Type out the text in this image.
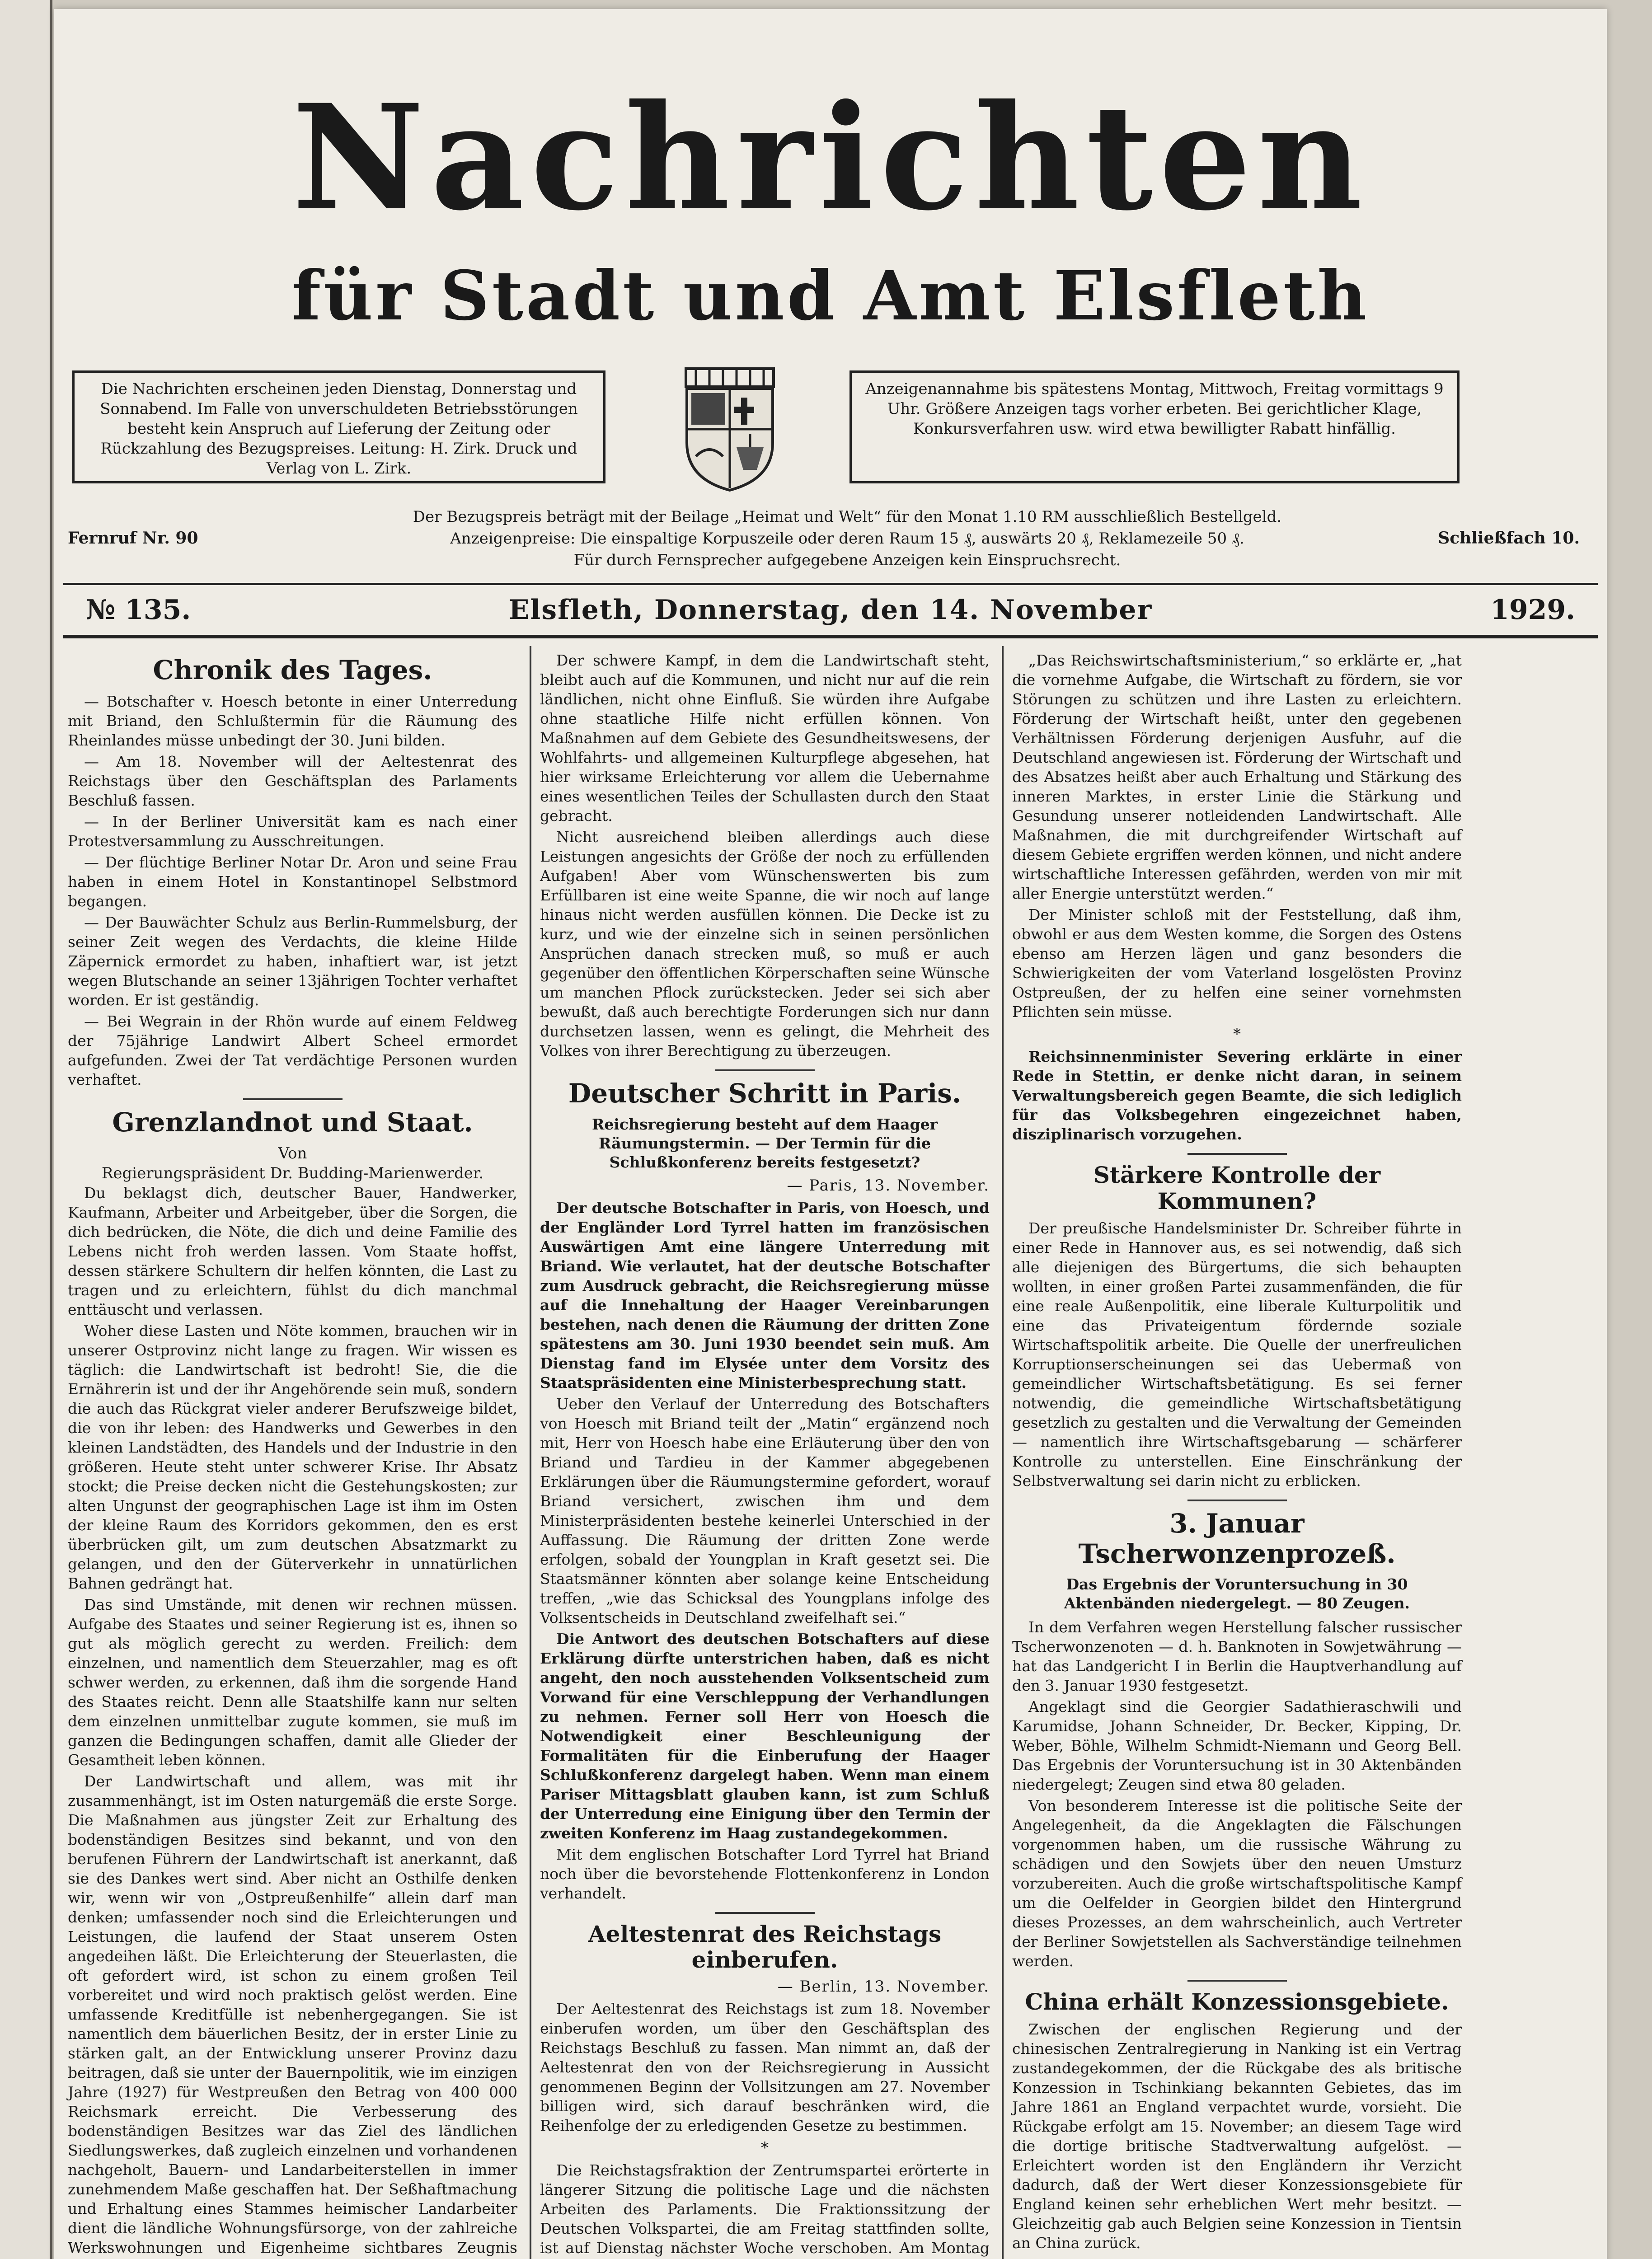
Nachrichten
für Stadt und Amt Elsfleth
Die Nachrichten erscheinen jeden Dienstag, Donnerstag und Sonnabend. Im Falle von unverschuldeten Betriebsstörungen besteht kein Anspruch auf Lieferung der Zeitung oder Rückzahlung des Bezugspreises. Leitung: H. Zirk. Druck und Verlag von L. Zirk.
Anzeigenannahme bis spätestens Montag, Mittwoch, Freitag vormittags 9 Uhr. Größere Anzeigen tags vorher erbeten. Bei gerichtlicher Klage, Konkursverfahren usw. wird etwa bewilligter Rabatt hinfällig.
Fernruf Nr. 90
Der Bezugspreis beträgt mit der Beilage „Heimat und Welt“ für den Monat 1.10 RM ausschließlich Bestellgeld.
Anzeigenpreise: Die einspaltige Korpuszeile oder deren Raum 15 ₰, auswärts 20 ₰, Reklamezeile 50 ₰.
Für durch Fernsprecher aufgegebene Anzeigen kein Einspruchsrecht.
Schließfach 10.
№ 135.	Elsfleth, Donnerstag, den 14. November	1929.
Chronik des Tages.

— Botschafter v. Hoesch betonte in einer Unterredung mit Briand, den Schlußtermin für die Räumung des Rheinlandes müsse unbedingt der 30. Juni bilden.

— Am 18. November will der Aeltestenrat des Reichstags über den Geschäftsplan des Parlaments Beschluß fassen.

— In der Berliner Universität kam es nach einer Protestversammlung zu Ausschreitungen.

— Der flüchtige Berliner Notar Dr. Aron und seine Frau haben in einem Hotel in Konstantinopel Selbstmord begangen.

— Der Bauwächter Schulz aus Berlin-Rummelsburg, der seiner Zeit wegen des Verdachts, die kleine Hilde Zäpernick ermordet zu haben, inhaftiert war, ist jetzt wegen Blutschande an seiner 13jährigen Tochter verhaftet worden. Er ist geständig.

— Bei Wegrain in der Rhön wurde auf einem Feldweg der 75jährige Landwirt Albert Scheel ermordet aufgefunden. Zwei der Tat verdächtige Personen wurden verhaftet.

Grenzlandnot und Staat.

Von

Regierungspräsident Dr. Budding-Marienwerder.

Du beklagst dich, deutscher Bauer, Handwerker, Kaufmann, Arbeiter und Arbeitgeber, über die Sorgen, die dich bedrücken, die Nöte, die dich und deine Familie des Lebens nicht froh werden lassen. Vom Staate hoffst, dessen stärkere Schultern dir helfen könnten, die Last zu tragen und zu erleichtern, fühlst du dich manchmal enttäuscht und verlassen.

Woher diese Lasten und Nöte kommen, brauchen wir in unserer Ostprovinz nicht lange zu fragen. Wir wissen es täglich: die Landwirtschaft ist bedroht! Sie, die die Ernährerin ist und der ihr Angehörende sein muß, sondern die auch das Rückgrat vieler anderer Berufszweige bildet, die von ihr leben: des Handwerks und Gewerbes in den kleinen Landstädten, des Handels und der Industrie in den größeren. Heute steht unter schwerer Krise. Ihr Absatz stockt; die Preise decken nicht die Gestehungskosten; zur alten Ungunst der geographischen Lage ist ihm im Osten der kleine Raum des Korridors gekommen, den es erst überbrücken gilt, um zum deutschen Absatzmarkt zu gelangen, und den der Güterverkehr in unnatürlichen Bahnen gedrängt hat.

Das sind Umstände, mit denen wir rechnen müssen. Aufgabe des Staates und seiner Regierung ist es, ihnen so gut als möglich gerecht zu werden. Freilich: dem einzelnen, und namentlich dem Steuerzahler, mag es oft schwer werden, zu erkennen, daß ihm die sorgende Hand des Staates reicht. Denn alle Staatshilfe kann nur selten dem einzelnen unmittelbar zugute kommen, sie muß im ganzen die Bedingungen schaffen, damit alle Glieder der Gesamtheit leben können.

Der Landwirtschaft und allem, was mit ihr zusammenhängt, ist im Osten naturgemäß die erste Sorge. Die Maßnahmen aus jüngster Zeit zur Erhaltung des bodenständigen Besitzes sind bekannt, und von den berufenen Führern der Landwirtschaft ist anerkannt, daß sie des Dankes wert sind. Aber nicht an Osthilfe denken wir, wenn wir von „Ostpreußenhilfe“ allein darf man denken; umfassender noch sind die Erleichterungen und Leistungen, die laufend der Staat unserem Osten angedeihen läßt. Die Erleichterung der Steuerlasten, die oft gefordert wird, ist schon zu einem großen Teil vorbereitet und wird noch praktisch gelöst werden. Eine umfassende Kreditfülle ist nebenhergegangen. Sie ist namentlich dem bäuerlichen Besitz, der in erster Linie zu stärken galt, an der Entwicklung unserer Provinz dazu beitragen, daß sie unter der Bauernpolitik, wie im einzigen Jahre (1927) für Westpreußen den Betrag von 400 000 Reichsmark erreicht. Die Verbesserung des bodenständigen Besitzes war das Ziel des ländlichen Siedlungswerkes, daß zugleich einzelnen und vorhandenen nachgeholt, Bauern- und Landarbeiterstellen in immer zunehmendem Maße geschaffen hat. Der Seßhaftmachung und Erhaltung eines Stammes heimischer Landarbeiter dient die ländliche Wohnungsfürsorge, von der zahlreiche Werkswohnungen und Eigenheime sichtbares Zeugnis

Der schwere Kampf, in dem die Landwirtschaft steht, bleibt auch auf die Kommunen, und nicht nur auf die rein ländlichen, nicht ohne Einfluß. Sie würden ihre Aufgabe ohne staatliche Hilfe nicht erfüllen können. Von Maßnahmen auf dem Gebiete des Gesundheitswesens, der Wohlfahrts- und allgemeinen Kulturpflege abgesehen, hat hier wirksame Erleichterung vor allem die Uebernahme eines wesentlichen Teiles der Schullasten durch den Staat gebracht.

Nicht ausreichend bleiben allerdings auch diese Leistungen angesichts der Größe der noch zu erfüllenden Aufgaben! Aber vom Wünschenswerten bis zum Erfüllbaren ist eine weite Spanne, die wir noch auf lange hinaus nicht werden ausfüllen können. Die Decke ist zu kurz, und wie der einzelne sich in seinen persönlichen Ansprüchen danach strecken muß, so muß er auch gegenüber den öffentlichen Körperschaften seine Wünsche um manchen Pflock zurückstecken. Jeder sei sich aber bewußt, daß auch berechtigte Forderungen sich nur dann durchsetzen lassen, wenn es gelingt, die Mehrheit des Volkes von ihrer Berechtigung zu überzeugen.

Deutscher Schritt in Paris.

Reichsregierung besteht auf dem Haager Räumungstermin. — Der Termin für die Schlußkonferenz bereits festgesetzt?

— Paris, 13. November.

Der deutsche Botschafter in Paris, von Hoesch, und der Engländer Lord Tyrrel hatten im französischen Auswärtigen Amt eine längere Unterredung mit Briand. Wie verlautet, hat der deutsche Botschafter zum Ausdruck gebracht, die Reichsregierung müsse auf die Innehaltung der Haager Vereinbarungen bestehen, nach denen die Räumung der dritten Zone spätestens am 30. Juni 1930 beendet sein muß. Am Dienstag fand im Elysée unter dem Vorsitz des Staatspräsidenten eine Ministerbesprechung statt.

Ueber den Verlauf der Unterredung des Botschafters von Hoesch mit Briand teilt der „Matin“ ergänzend noch mit, Herr von Hoesch habe eine Erläuterung über den von Briand und Tardieu in der Kammer abgegebenen Erklärungen über die Räumungstermine gefordert, worauf Briand versichert, zwischen ihm und dem Ministerpräsidenten bestehe keinerlei Unterschied in der Auffassung. Die Räumung der dritten Zone werde erfolgen, sobald der Youngplan in Kraft gesetzt sei. Die Staatsmänner könnten aber solange keine Entscheidung treffen, „wie das Schicksal des Youngplans infolge des Volksentscheids in Deutschland zweifelhaft sei.“

Die Antwort des deutschen Botschafters auf diese Erklärung dürfte unterstrichen haben, daß es nicht angeht, den noch ausstehenden Volksentscheid zum Vorwand für eine Verschleppung der Verhandlungen zu nehmen. Ferner soll Herr von Hoesch die Notwendigkeit einer Beschleunigung der Formalitäten für die Einberufung der Haager Schlußkonferenz dargelegt haben. Wenn man einem Pariser Mittagsblatt glauben kann, ist zum Schluß der Unterredung eine Einigung über den Termin der zweiten Konferenz im Haag zustandegekommen.

Mit dem englischen Botschafter Lord Tyrrel hat Briand noch über die bevorstehende Flottenkonferenz in London verhandelt.

Aeltestenrat des Reichstags einberufen.

— Berlin, 13. November.

Der Aeltestenrat des Reichstags ist zum 18. November einberufen worden, um über den Geschäftsplan des Reichstags Beschluß zu fassen. Man nimmt an, daß der Aeltestenrat den von der Reichsregierung in Aussicht genommenen Beginn der Vollsitzungen am 27. November billigen wird, sich darauf beschränken wird, die Reihenfolge der zu erledigenden Gesetze zu bestimmen.

*

Die Reichstagsfraktion der Zentrumspartei erörterte in längerer Sitzung die politische Lage und die nächsten Arbeiten des Parlaments. Die Fraktionssitzung der Deutschen Volkspartei, die am Freitag stattfinden sollte, ist auf Dienstag nächster Woche verschoben. Am Montag

„Das Reichswirtschaftsministerium,“ so erklärte er, „hat die vornehme Aufgabe, die Wirtschaft zu fördern, sie vor Störungen zu schützen und ihre Lasten zu erleichtern. Förderung der Wirtschaft heißt, unter den gegebenen Verhältnissen Förderung derjenigen Ausfuhr, auf die Deutschland angewiesen ist. Förderung der Wirtschaft und des Absatzes heißt aber auch Erhaltung und Stärkung des inneren Marktes, in erster Linie die Stärkung und Gesundung unserer notleidenden Landwirtschaft. Alle Maßnahmen, die mit durchgreifender Wirtschaft auf diesem Gebiete ergriffen werden können, und nicht andere wirtschaftliche Interessen gefährden, werden von mir mit aller Energie unterstützt werden.“

Der Minister schloß mit der Feststellung, daß ihm, obwohl er aus dem Westen komme, die Sorgen des Ostens ebenso am Herzen lägen und ganz besonders die Schwierigkeiten der vom Vaterland losgelösten Provinz Ostpreußen, der zu helfen eine seiner vornehmsten Pflichten sein müsse.

*

Reichsinnenminister Severing erklärte in einer Rede in Stettin, er denke nicht daran, in seinem Verwaltungsbereich gegen Beamte, die sich lediglich für das Volksbegehren eingezeichnet haben, disziplinarisch vorzugehen.

Stärkere Kontrolle der Kommunen?

Der preußische Handelsminister Dr. Schreiber führte in einer Rede in Hannover aus, es sei notwendig, daß sich alle diejenigen des Bürgertums, die sich behaupten wollten, in einer großen Partei zusammenfänden, die für eine reale Außenpolitik, eine liberale Kulturpolitik und eine das Privateigentum fördernde soziale Wirtschaftspolitik arbeite. Die Quelle der unerfreulichen Korruptionserscheinungen sei das Uebermaß von gemeindlicher Wirtschaftsbetätigung. Es sei ferner notwendig, die gemeindliche Wirtschaftsbetätigung gesetzlich zu gestalten und die Verwaltung der Gemeinden — namentlich ihre Wirtschaftsgebarung — schärferer Kontrolle zu unterstellen. Eine Einschränkung der Selbstverwaltung sei darin nicht zu erblicken.

3. Januar Tscherwonzenprozeß.

Das Ergebnis der Voruntersuchung in 30 Aktenbänden niedergelegt. — 80 Zeugen.

In dem Verfahren wegen Herstellung falscher russischer Tscherwonzenoten — d. h. Banknoten in Sowjetwährung — hat das Landgericht I in Berlin die Hauptverhandlung auf den 3. Januar 1930 festgesetzt.

Angeklagt sind die Georgier Sadathieraschwili und Karumidse, Johann Schneider, Dr. Becker, Kipping, Dr. Weber, Böhle, Wilhelm Schmidt-Niemann und Georg Bell. Das Ergebnis der Voruntersuchung ist in 30 Aktenbänden niedergelegt; Zeugen sind etwa 80 geladen.

Von besonderem Interesse ist die politische Seite der Angelegenheit, da die Angeklagten die Fälschungen vorgenommen haben, um die russische Währung zu schädigen und den Sowjets über den neuen Umsturz vorzubereiten. Auch die große wirtschaftspolitische Kampf um die Oelfelder in Georgien bildet den Hintergrund dieses Prozesses, an dem wahrscheinlich, auch Vertreter der Berliner Sowjetstellen als Sachverständige teilnehmen werden.

China erhält Konzessionsgebiete.

Zwischen der englischen Regierung und der chinesischen Zentralregierung in Nanking ist ein Vertrag zustandegekommen, der die Rückgabe des als britische Konzession in Tschinkiang bekannten Gebietes, das im Jahre 1861 an England verpachtet wurde, vorsieht. Die Rückgabe erfolgt am 15. November; an diesem Tage wird die dortige britische Stadtverwaltung aufgelöst. — Erleichtert worden ist den Engländern ihr Verzicht dadurch, daß der Wert dieser Konzessionsgebiete für England keinen sehr erheblichen Wert mehr besitzt. — Gleichzeitig gab auch Belgien seine Konzession in Tientsin an China zurück.
